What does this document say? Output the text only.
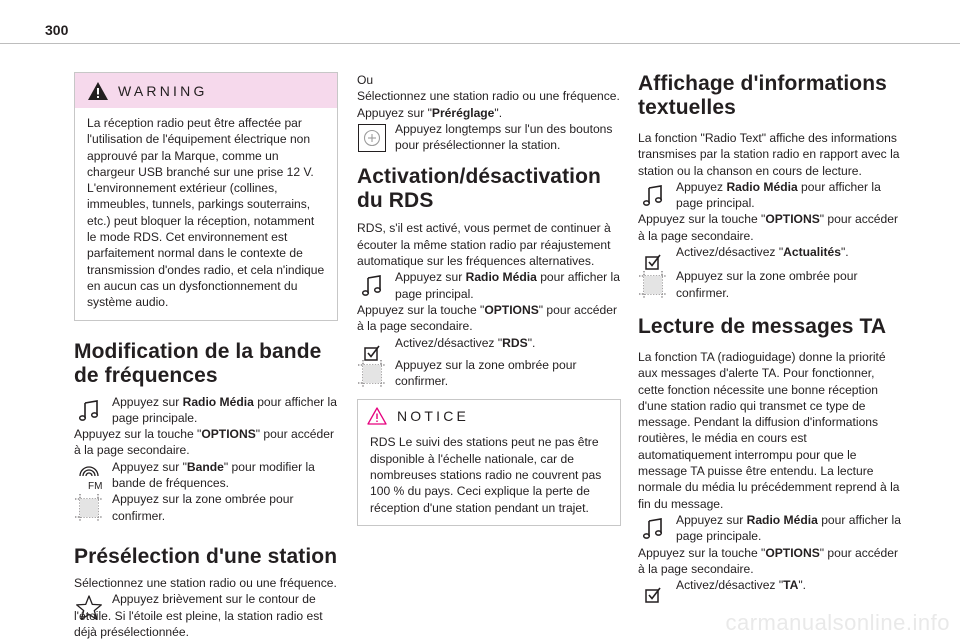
300
WARNING

La réception radio peut être affectée par l'utilisation de l'équipement électrique non approuvé par la Marque, comme un chargeur USB branché sur une prise 12 V. L'environnement extérieur (collines, immeubles, tunnels, parkings souterrains, etc.) peut bloquer la réception, notamment le mode RDS. Cet environnement est parfaitement normal dans le contexte de transmission d'ondes radio, et cela n'indique en aucun cas un dysfonctionnement du système audio.

Modification de la bande de fréquences

Appuyez sur Radio Média pour afficher la page principale.

Appuyez sur la touche "OPTIONS" pour accéder à la page secondaire.

FM

Appuyez sur "Bande" pour modifier la bande de fréquences.

Appuyez sur la zone ombrée pour confirmer.

Présélection d'une station

Sélectionnez une station radio ou une fréquence.

Appuyez brièvement sur le contour de l'étoile. Si l'étoile est pleine, la station radio est déjà présélectionnée.

Ou

Sélectionnez une station radio ou une fréquence.

Appuyez sur "Préréglage".

Appuyez longtemps sur l'un des boutons pour présélectionner la station.

Activation/désactivation du RDS

RDS, s'il est activé, vous permet de continuer à écouter la même station radio par réajustement automatique sur les fréquences alternatives.

Appuyez sur Radio Média pour afficher la page principal.

Appuyez sur la touche "OPTIONS" pour accéder à la page secondaire.

Activez/désactivez "RDS".

Appuyez sur la zone ombrée pour confirmer.

NOTICE

RDS Le suivi des stations peut ne pas être disponible à l'échelle nationale, car de nombreuses stations radio ne couvrent pas 100 % du pays. Ceci explique la perte de réception d'une station pendant un trajet.

Affichage d'informations textuelles

La fonction "Radio Text" affiche des informations transmises par la station radio en rapport avec la station ou la chanson en cours de lecture.

Appuyez Radio Média pour afficher la page principal.

Appuyez sur la touche "OPTIONS" pour accéder à la page secondaire.

Activez/désactivez "Actualités".

Appuyez sur la zone ombrée pour confirmer.

Lecture de messages TA

La fonction TA (radioguidage) donne la priorité aux messages d'alerte TA. Pour fonctionner, cette fonction nécessite une bonne réception d'une station radio qui transmet ce type de message. Pendant la diffusion d'informations routières, le média en cours est automatiquement interrompu pour que le message TA puisse être entendu. La lecture normale du média lu précédemment reprend à la fin du message.

Appuyez sur Radio Média pour afficher la page principale.

Appuyez sur la touche "OPTIONS" pour accéder à la page secondaire.

Activez/désactivez "TA".

carmanualsonline.info
